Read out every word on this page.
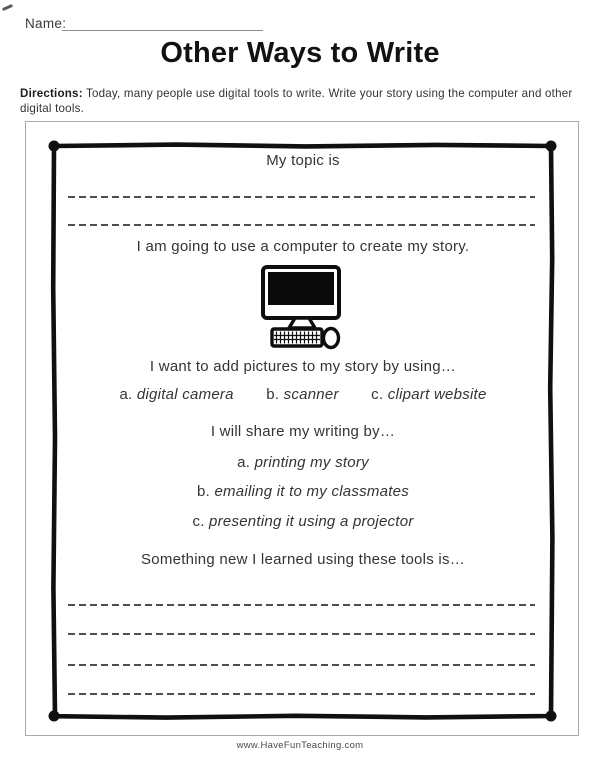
Name:
Other Ways to Write
Directions: Today, many people use digital tools to write. Write your story using the computer and other digital tools.
My topic is
I am going to use a computer to create my story.
I want to add pictures to my story by using…
a. digital camera b. scanner c. clipart website
I will share my writing by…
a. printing my story
b. emailing it to my classmates
c. presenting it using a projector
Something new I learned using these tools is…
www.HaveFunTeaching.com
